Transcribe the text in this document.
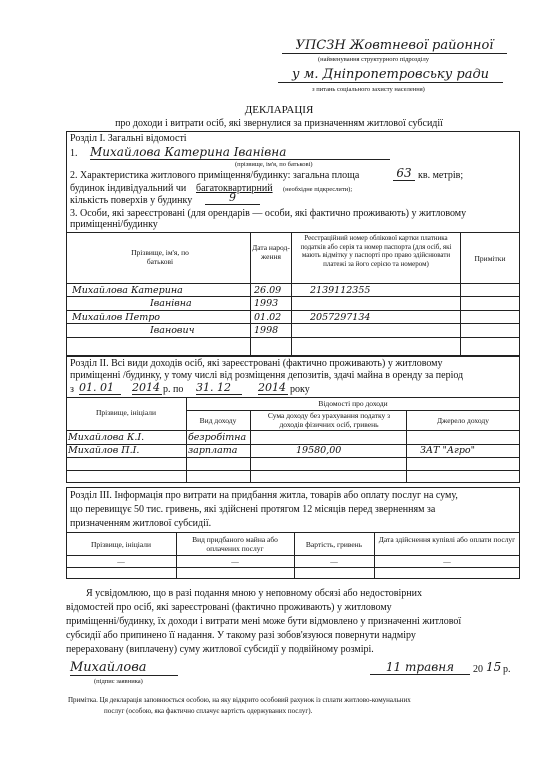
УПСЗН Жовтневої районної
(найменування структурного підрозділу
у м. Дніпропетровську ради
з питань соціального захисту населення)
ДЕКЛАРАЦІЯ
про доходи і витрати осіб, які звернулися за призначенням житлової субсидії
Розділ І. Загальні відомості
1. Михайлова Катерина Іванівна
(прізвище, ім'я, по батькові)
2. Характеристика житлового приміщення/будинку: загальна площа	63 кв. метрів;
будинок індивідуальний чи багатоквартирний (необхідне підкреслити);
кількість поверхів у будинку	9
3. Особи, які зареєстровані (для орендарів — особи, які фактично проживають) у житловому
приміщенні/будинку
Прізвище, ім'я, по батькові
Дата народ-ження
Реєстраційний номер облікової картки платника податків або серія та номер паспорта (для осіб, які мають відмітку у паспорті про право здійснювати платежі за його серією та номером)
Примітки
Михайлова Катерина	26.09	2139112355
Іванівна	1993
Михайлов Петро	01.02	2057297134
Іванович	1998
Розділ ІІ. Всі види доходів осіб, які зареєстровані (фактично проживають) у житловому
приміщенні /будинку, у тому числі від розміщення депозитів, здачі майна в оренду за період
з 01. 01	2014 р. по 31. 12	2014 року
Прізвище, ініціали
Відомості про доходи
Вид доходу
Сума доходу без урахування податку з доходів фізичних осіб, гривень	Джерело доходу
Михайлова К.І.	безробітна
Михайлов П.І.	зарплата	19580,00	ЗАТ "Агро"
Розділ ІІІ. Інформація про витрати на придбання житла, товарів або оплату послуг на суму,
що перевищує 50 тис. гривень, які здійснені протягом 12 місяців перед зверненням за
призначенням житлової субсидії.
Прізвище, ініціали
Вид придбаного майна або оплачених послуг	Вартість, гривень
Дата здійснення купівлі або оплати послуг
—	—	—	—
Я усвідомлюю, що в разі подання мною у неповному обсязі або недостовірних
відомостей про осіб, які зареєстровані (фактично проживають) у житловому
приміщенні/будинку, їх доходи і витрати мені може бути відмовлено у призначенні житлової
субсидії або припинено її надання. У такому разі зобов'язуюся повернути надміру
перераховану (виплачену) суму житлової субсидії у подвійному розмірі.
Михайлова
(підпис заявника)
11 травня	20 15 р.
Примітка. Ця декларація заповнюється особою, на яку відкрито особовий рахунок із сплати житлово-комунальних
послуг (особою, яка фактично сплачує вартість одержуваних послуг).
